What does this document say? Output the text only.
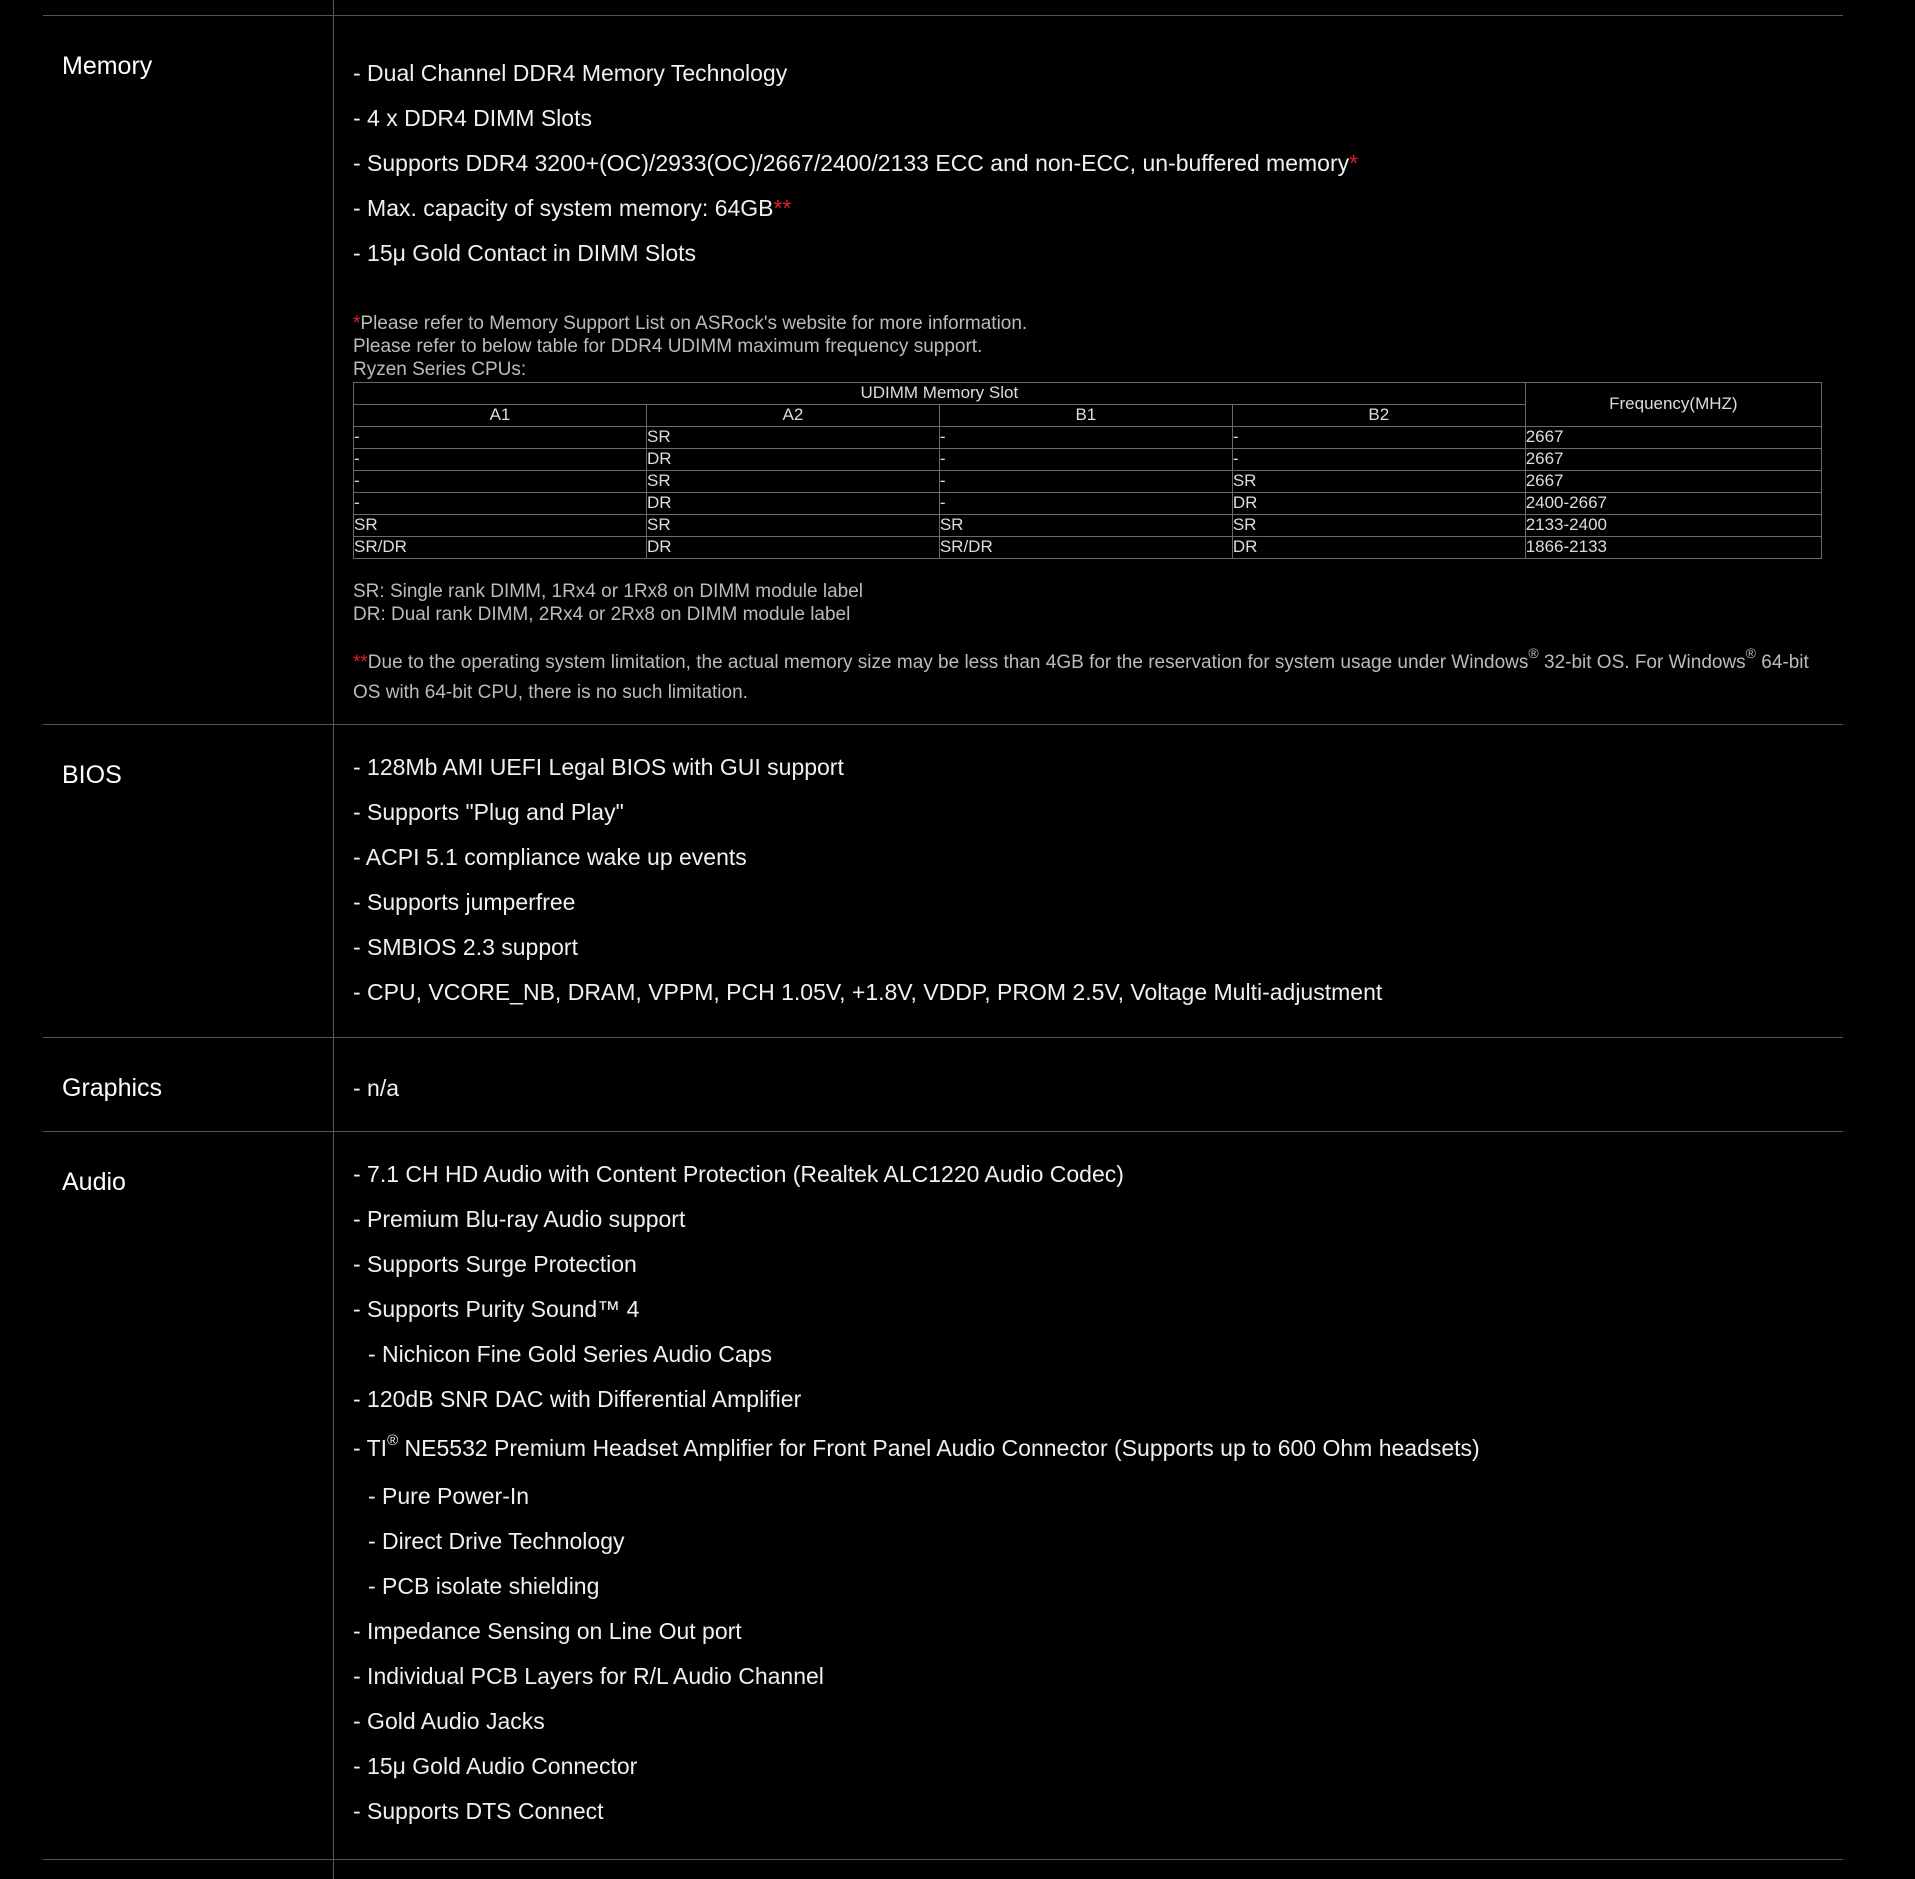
Memory	- Dual Channel DDR4 Memory Technology
- 4 x DDR4 DIMM Slots
- Supports DDR4 3200+(OC)/2933(OC)/2667/2400/2133 ECC and non-ECC, un-buffered memory*
- Max. capacity of system memory: 64GB**
- 15μ Gold Contact in DIMM Slots
*Please refer to Memory Support List on ASRock's website for more information.
Please refer to below table for DDR4 UDIMM maximum frequency support.
Ryzen Series CPUs:
UDIMM Memory Slot	Frequency(MHZ)
A1	A2	B1	B2
-	SR	-	-	2667
-	DR	-	-	2667
-	SR	-	SR	2667
-	DR	-	DR	2400-2667
SR	SR	SR	SR	2133-2400
SR/DR	DR	SR/DR	DR	1866-2133
SR: Single rank DIMM, 1Rx4 or 1Rx8 on DIMM module label
DR: Dual rank DIMM, 2Rx4 or 2Rx8 on DIMM module label
**Due to the operating system limitation, the actual memory size may be less than 4GB for the reservation for system usage under Windows® 32-bit OS. For Windows® 64-bit OS with 64-bit CPU, there is no such limitation.

BIOS	- 128Mb AMI UEFI Legal BIOS with GUI support
- Supports "Plug and Play"
- ACPI 5.1 compliance wake up events
- Supports jumperfree
- SMBIOS 2.3 support
- CPU, VCORE_NB, DRAM, VPPM, PCH 1.05V, +1.8V, VDDP, PROM 2.5V, Voltage Multi-adjustment

Graphics	- n/a

Audio	- 7.1 CH HD Audio with Content Protection (Realtek ALC1220 Audio Codec)
- Premium Blu-ray Audio support
- Supports Surge Protection
- Supports Purity Sound™ 4
- Nichicon Fine Gold Series Audio Caps
- 120dB SNR DAC with Differential Amplifier
- TI® NE5532 Premium Headset Amplifier for Front Panel Audio Connector (Supports up to 600 Ohm headsets)
- Pure Power-In
- Direct Drive Technology
- PCB isolate shielding
- Impedance Sensing on Line Out port
- Individual PCB Layers for R/L Audio Channel
- Gold Audio Jacks
- 15μ Gold Audio Connector
- Supports DTS Connect
